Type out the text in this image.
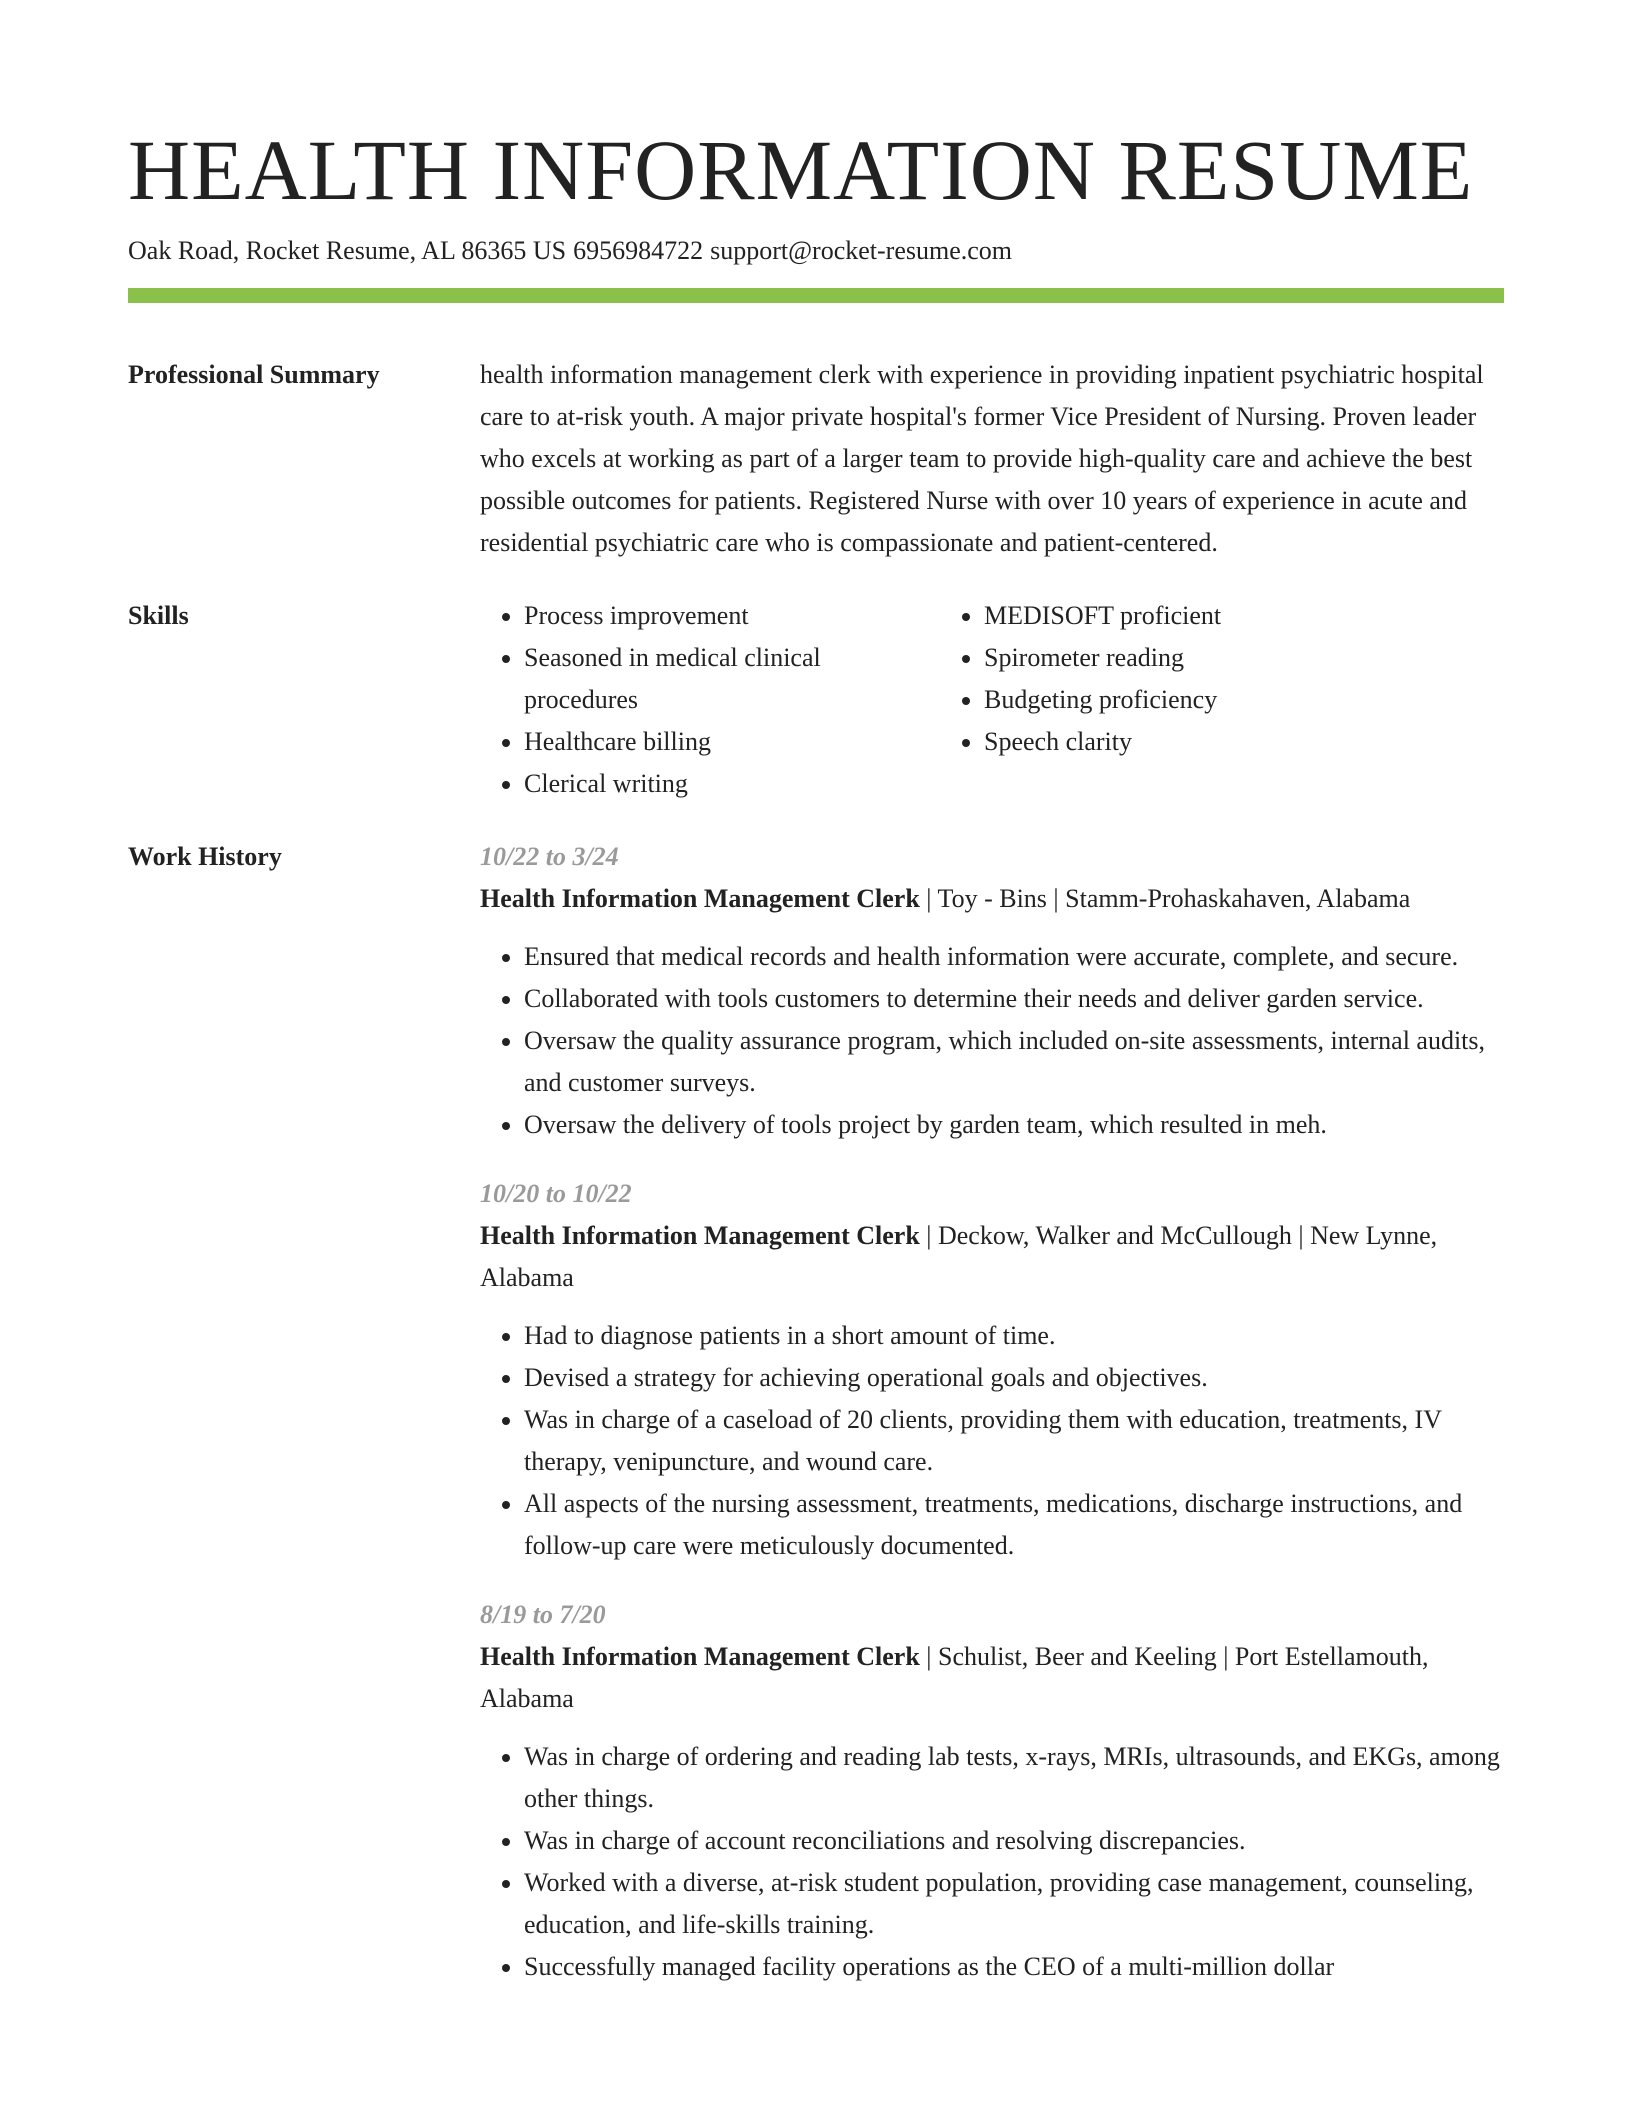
HEALTH INFORMATION RESUME
Oak Road, Rocket Resume, AL 86365 US 6956984722 support@rocket-resume.com
Professional Summary	health information management clerk with experience in providing inpatient psychiatric hospital care to at-risk youth. A major private hospital's former Vice President of Nursing. Proven leader who excels at working as part of a larger team to provide high-quality care and achieve the best possible outcomes for patients. Registered Nurse with over 10 years of experience in acute and residential psychiatric care who is compassionate and patient-centered.

Skills
•	Process improvement
• Seasoned in medical clinical procedures
• Healthcare billing
• Clerical writing
• MEDISOFT proficient
• Spirometer reading
• Budgeting proficiency
• Speech clarity
Work History	10/22 to 3/24
Health Information Management Clerk | Toy - Bins | Stamm-Prohaskahaven, Alabama
• Ensured that medical records and health information were accurate, complete, and secure.
• Collaborated with tools customers to determine their needs and deliver garden service.
• Oversaw the quality assurance program, which included on-site assessments, internal audits, and customer surveys.
• Oversaw the delivery of tools project by garden team, which resulted in meh.
10/20 to 10/22
Health Information Management Clerk | Deckow, Walker and McCullough | New Lynne, Alabama
• Had to diagnose patients in a short amount of time.
• Devised a strategy for achieving operational goals and objectives.
• Was in charge of a caseload of 20 clients, providing them with education, treatments, IV therapy, venipuncture, and wound care.
• All aspects of the nursing assessment, treatments, medications, discharge instructions, and follow-up care were meticulously documented.
8/19 to 7/20
Health Information Management Clerk | Schulist, Beer and Keeling | Port Estellamouth, Alabama
• Was in charge of ordering and reading lab tests, x-rays, MRIs, ultrasounds, and EKGs, among other things.
• Was in charge of account reconciliations and resolving discrepancies.
• Worked with a diverse, at-risk student population, providing case management, counseling, education, and life-skills training.
• Successfully managed facility operations as the CEO of a multi-million dollar
